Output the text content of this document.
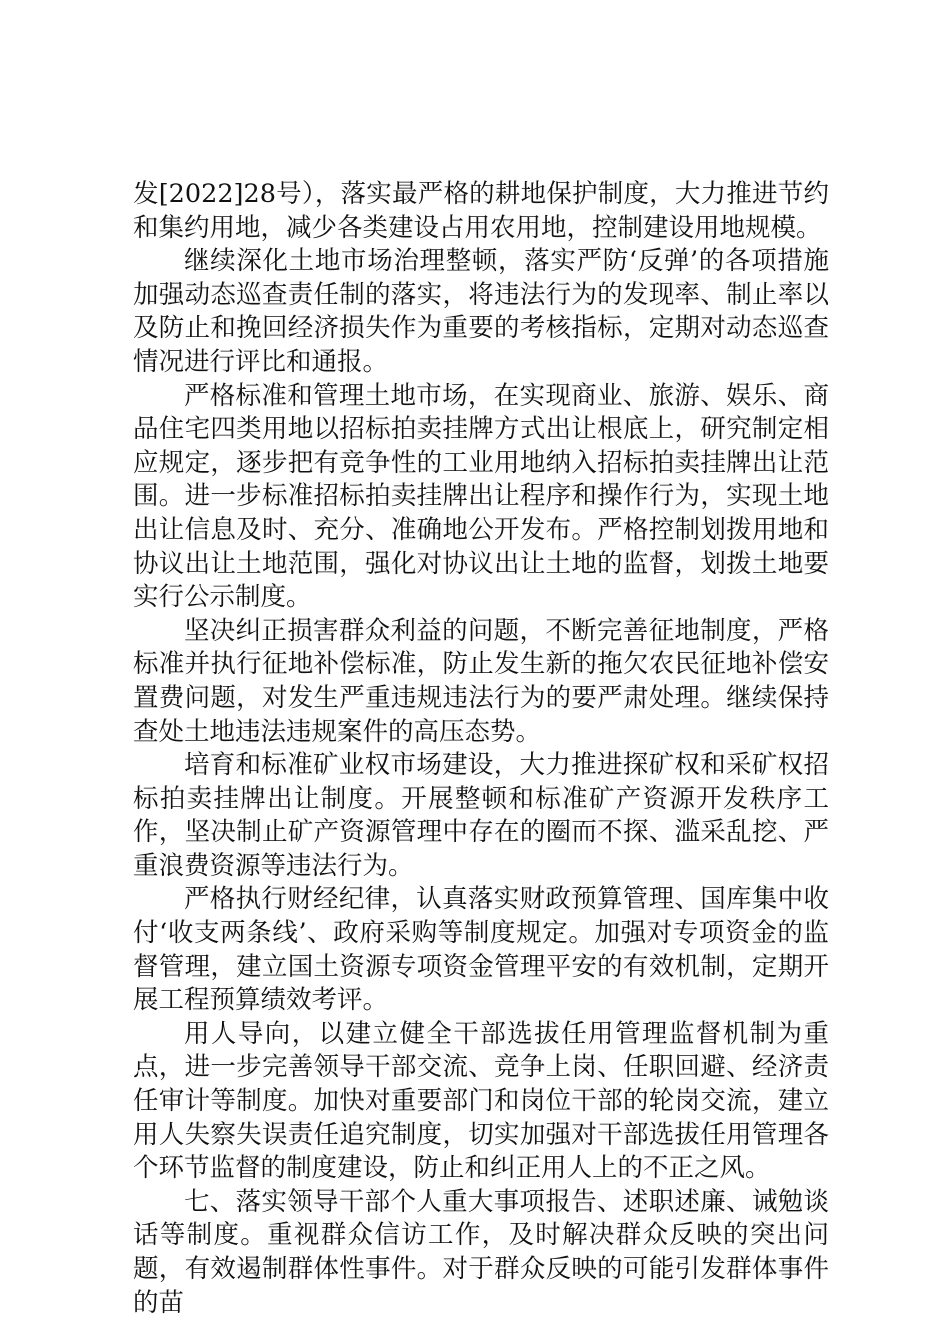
发[2022]28号），落实最严格的耕地保护制度，大力推进节约和集约用地，减少各类建设占用农用地，控制建设用地规模。

继续深化土地市场治理整顿，落实严防‘反弹’的各项措施加强动态巡查责任制的落实，将违法行为的发现率、制止率以及防止和挽回经济损失作为重要的考核指标，定期对动态巡查情况进行评比和通报。

严格标准和管理土地市场，在实现商业、旅游、娱乐、商品住宅四类用地以招标拍卖挂牌方式出让根底上，研究制定相应规定，逐步把有竞争性的工业用地纳入招标拍卖挂牌出让范围。进一步标准招标拍卖挂牌出让程序和操作行为，实现土地出让信息及时、充分、准确地公开发布。严格控制划拨用地和协议出让土地范围，强化对协议出让土地的监督，划拨土地要实行公示制度。

坚决纠正损害群众利益的问题，不断完善征地制度，严格标准并执行征地补偿标准，防止发生新的拖欠农民征地补偿安置费问题，对发生严重违规违法行为的要严肃处理。继续保持查处土地违法违规案件的高压态势。

培育和标准矿业权市场建设，大力推进探矿权和采矿权招标拍卖挂牌出让制度。开展整顿和标准矿产资源开发秩序工作，坚决制止矿产资源管理中存在的圈而不探、滥采乱挖、严重浪费资源等违法行为。

严格执行财经纪律，认真落实财政预算管理、国库集中收付‘收支两条线’、政府采购等制度规定。加强对专项资金的监督管理，建立国土资源专项资金管理平安的有效机制，定期开展工程预算绩效考评。

用人导向，以建立健全干部选拔任用管理监督机制为重点，进一步完善领导干部交流、竞争上岗、任职回避、经济责任审计等制度。加快对重要部门和岗位干部的轮岗交流，建立用人失察失误责任追究制度，切实加强对干部选拔任用管理各个环节监督的制度建设，防止和纠正用人上的不正之风。

七、落实领导干部个人重大事项报告、述职述廉、诫勉谈话等制度。重视群众信访工作，及时解决群众反映的突出问题，有效遏制群体性事件。对于群众反映的可能引发群体事件的苗
